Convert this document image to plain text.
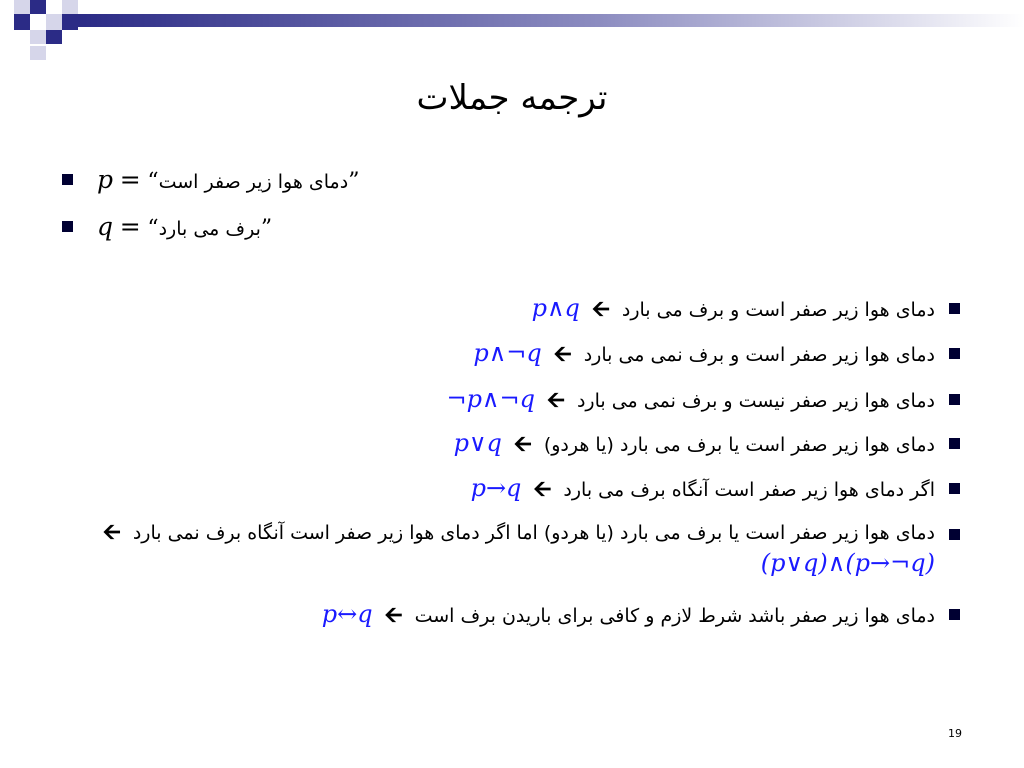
ترجمه جملات
p = “دمای هوا زیر صفر است”
q = “برف می بارد”
دمای هوا زیر صفر است و برف می بارد 🡨 p∧q
دمای هوا زیر صفر است و برف نمی می بارد 🡨 p∧¬q
دمای هوا زیر صفر نیست و برف نمی می بارد 🡨 ¬p∧¬q
دمای هوا زیر صفر است یا برف می بارد (یا هردو) 🡨 p∨q
اگر دمای هوا زیر صفر است آنگاه برف می بارد 🡨 p→q
دمای هوا زیر صفر است یا برف می بارد (یا هردو) اما اگر دمای هوا زیر صفر است آنگاه برف نمی بارد 🡨 (p∨q)∧(p→¬q)
دمای هوا زیر صفر باشد شرط لازم و کافی برای باریدن برف است 🡨 p↔q
19
